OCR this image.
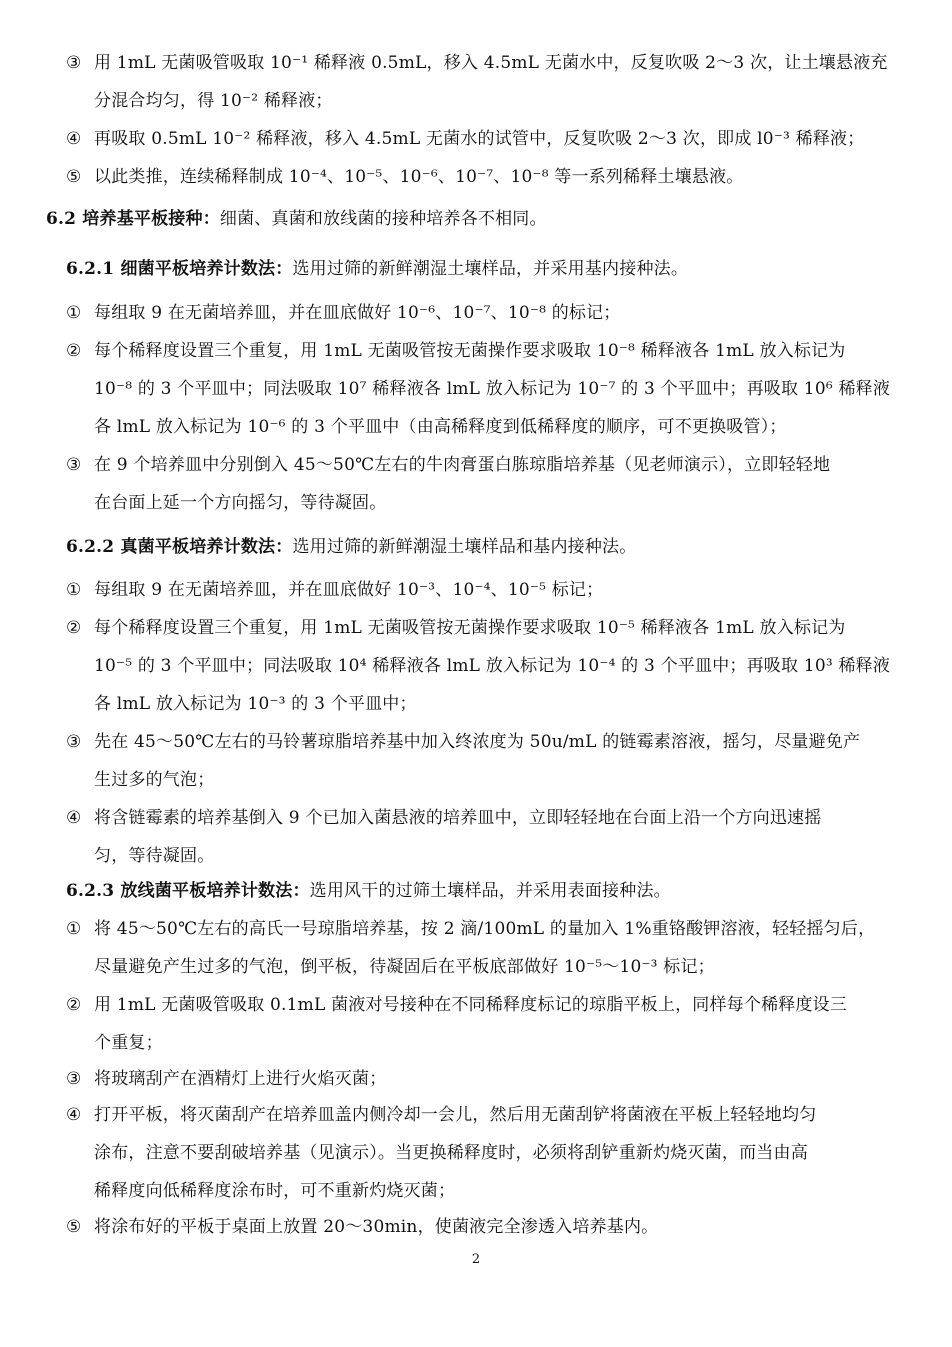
③ 用 1mL 无菌吸管吸取 10⁻¹ 稀释液 0.5mL，移入 4.5mL 无菌水中，反复吹吸 2～3 次，让土壤悬液充
分混合均匀，得 10⁻² 稀释液；
④ 再吸取 0.5mL 10⁻² 稀释液，移入 4.5mL 无菌水的试管中，反复吹吸 2～3 次，即成 l0⁻³ 稀释液；
⑤ 以此类推，连续稀释制成 10⁻⁴、10⁻⁵、10⁻⁶、10⁻⁷、10⁻⁸ 等一系列稀释土壤悬液。
6.2 培养基平板接种：细菌、真菌和放线菌的接种培养各不相同。
6.2.1 细菌平板培养计数法：选用过筛的新鲜潮湿土壤样品，并采用基内接种法。
① 每组取 9 在无菌培养皿，并在皿底做好 10⁻⁶、10⁻⁷、10⁻⁸ 的标记；
② 每个稀释度设置三个重复，用 1mL 无菌吸管按无菌操作要求吸取 10⁻⁸ 稀释液各 1mL 放入标记为
10⁻⁸ 的 3 个平皿中；同法吸取 10⁷ 稀释液各 lmL 放入标记为 10⁻⁷ 的 3 个平皿中；再吸取 10⁶ 稀释液
各 lmL 放入标记为 10⁻⁶ 的 3 个平皿中（由高稀释度到低稀释度的顺序，可不更换吸管）；
③ 在 9 个培养皿中分别倒入 45～50℃左右的牛肉膏蛋白胨琼脂培养基（见老师演示），立即轻轻地
在台面上延一个方向摇匀，等待凝固。
6.2.2 真菌平板培养计数法：选用过筛的新鲜潮湿土壤样品和基内接种法。
① 每组取 9 在无菌培养皿，并在皿底做好 10⁻³、10⁻⁴、10⁻⁵ 标记；
② 每个稀释度设置三个重复，用 1mL 无菌吸管按无菌操作要求吸取 10⁻⁵ 稀释液各 1mL 放入标记为
10⁻⁵ 的 3 个平皿中；同法吸取 10⁴ 稀释液各 lmL 放入标记为 10⁻⁴ 的 3 个平皿中；再吸取 10³ 稀释液
各 lmL 放入标记为 10⁻³ 的 3 个平皿中；
③ 先在 45～50℃左右的马铃薯琼脂培养基中加入终浓度为 50u/mL 的链霉素溶液，摇匀，尽量避免产
生过多的气泡；
④ 将含链霉素的培养基倒入 9 个已加入菌悬液的培养皿中，立即轻轻地在台面上沿一个方向迅速摇
匀，等待凝固。
6.2.3 放线菌平板培养计数法：选用风干的过筛土壤样品，并采用表面接种法。
① 将 45～50℃左右的高氏一号琼脂培养基，按 2 滴/100mL 的量加入 1%重铬酸钾溶液，轻轻摇匀后，
尽量避免产生过多的气泡，倒平板，待凝固后在平板底部做好 10⁻⁵～10⁻³ 标记；
② 用 1mL 无菌吸管吸取 0.1mL 菌液对号接种在不同稀释度标记的琼脂平板上，同样每个稀释度设三
个重复；
③ 将玻璃刮产在酒精灯上进行火焰灭菌；
④ 打开平板，将灭菌刮产在培养皿盖内侧冷却一会儿，然后用无菌刮铲将菌液在平板上轻轻地均匀
涂布，注意不要刮破培养基（见演示）。当更换稀释度时，必须将刮铲重新灼烧灭菌，而当由高
稀释度向低稀释度涂布时，可不重新灼烧灭菌；
⑤ 将涂布好的平板于桌面上放置 20～30min，使菌液完全渗透入培养基内。
2
